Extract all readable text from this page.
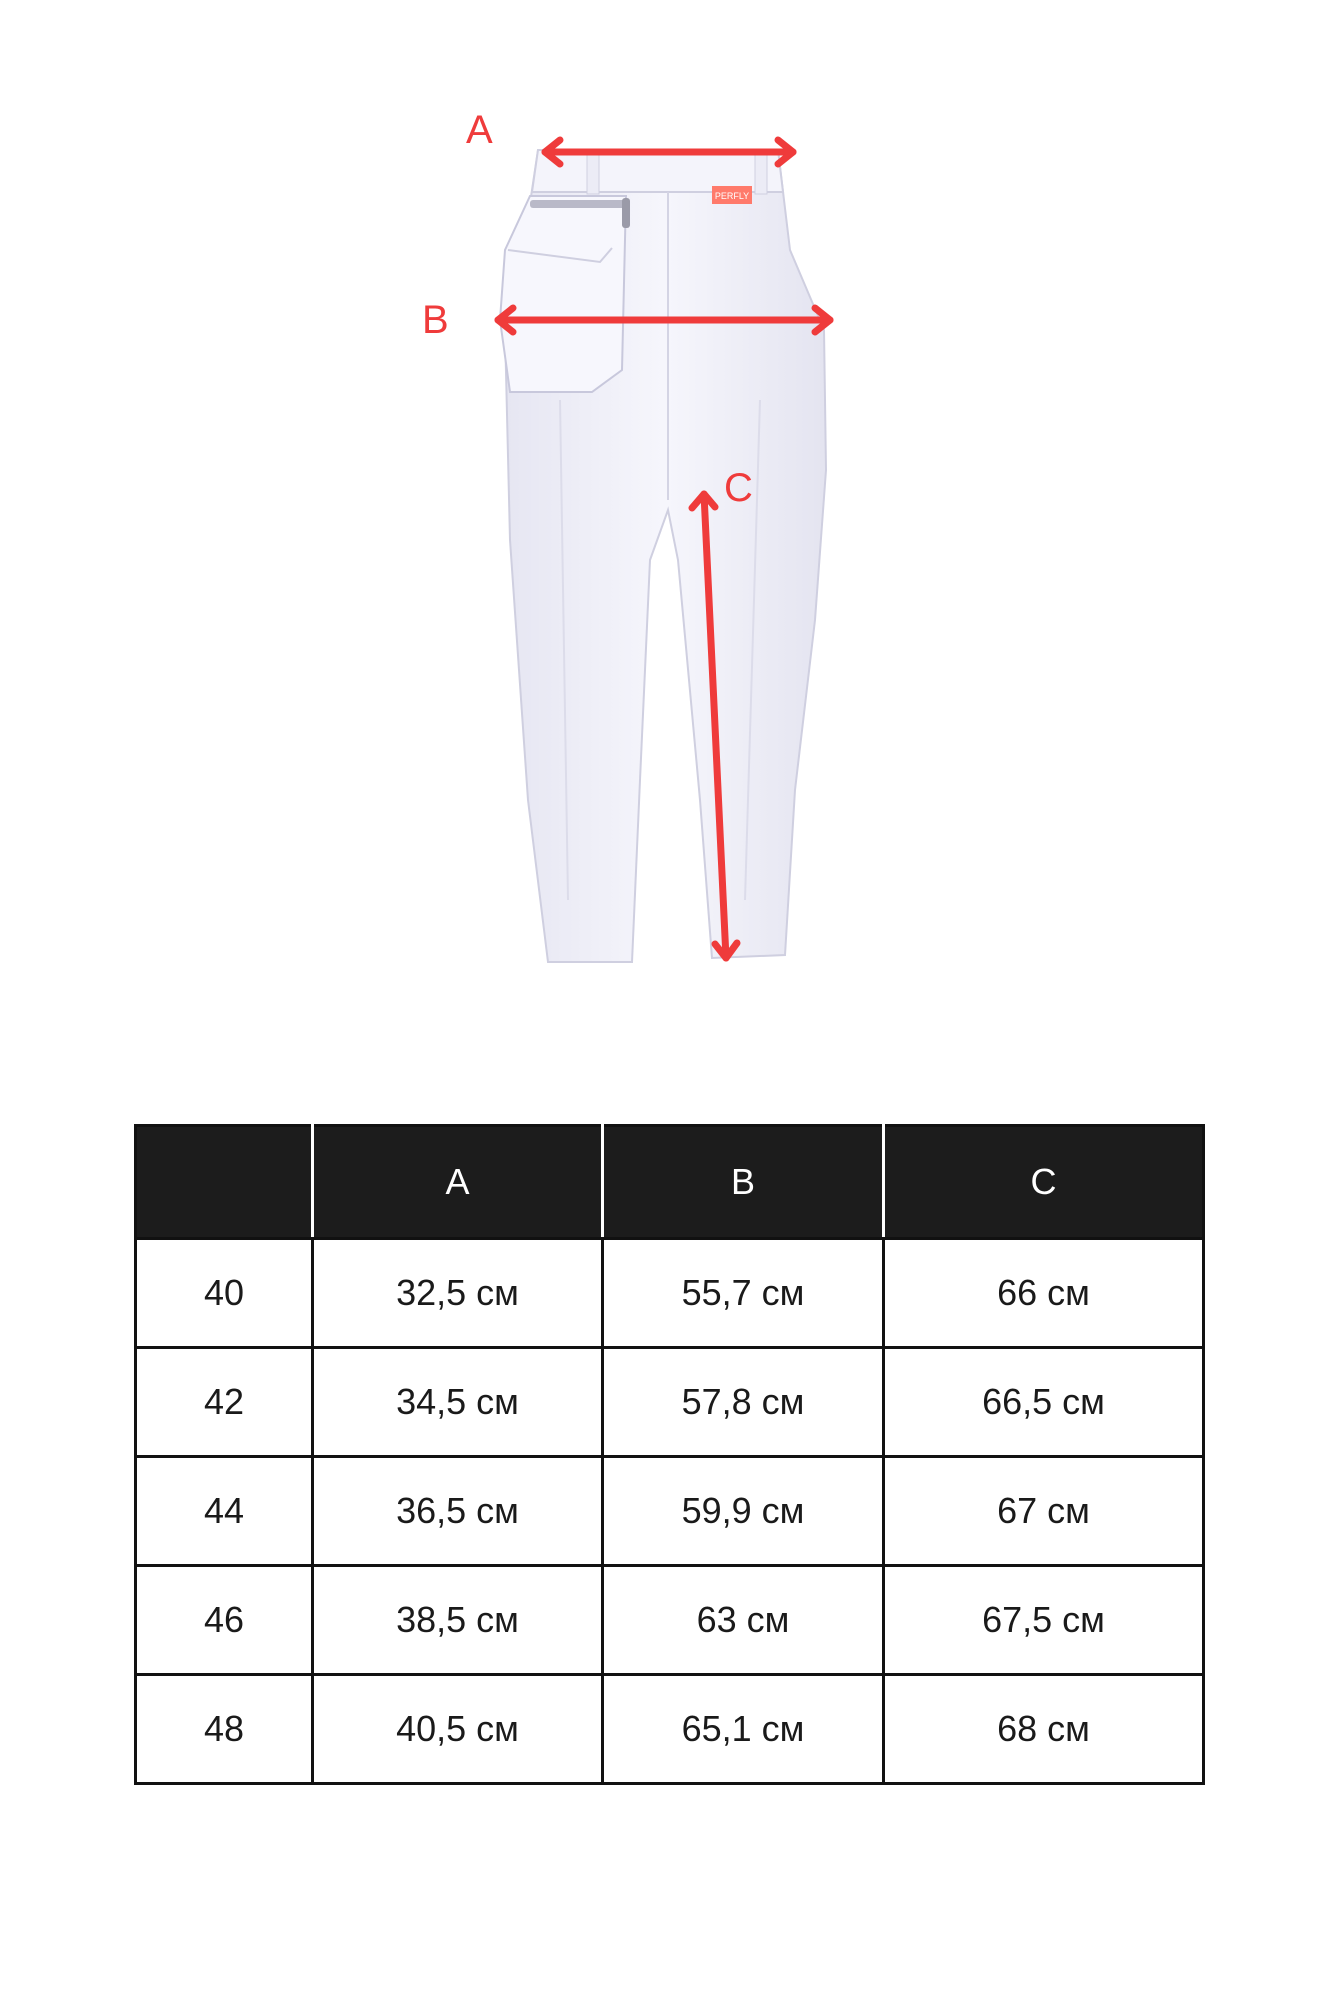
PERFLY
A
B
C
	A	B	C
40	32,5 см	55,7 см	66 см
42	34,5 см	57,8 см	66,5 см
44	36,5 см	59,9 см	67 см
46	38,5 см	63 см	67,5 см
48	40,5 см	65,1 см	68 см
